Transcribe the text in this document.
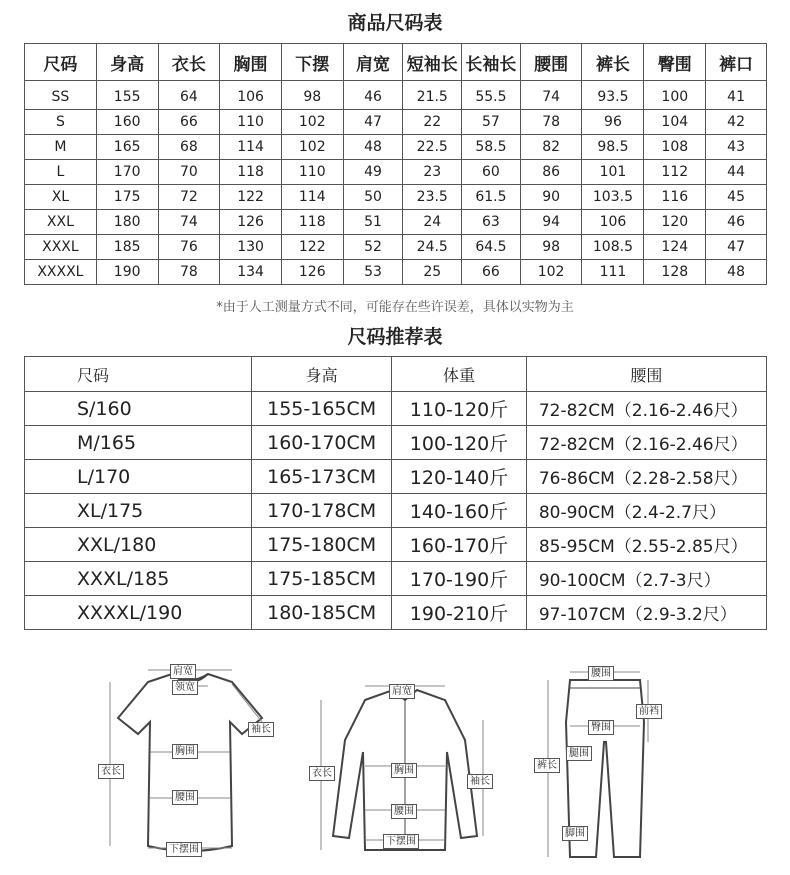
商品尺码表
尺码	身高	衣长	胸围	下摆	肩宽	短袖长	长袖长	腰围	裤长	臀围	裤口
SS	155	64	106	98	46	21.5	55.5	74	93.5	100	41
S	160	66	110	102	47	22	57	78	96	104	42
M	165	68	114	102	48	22.5	58.5	82	98.5	108	43
L	170	70	118	110	49	23	60	86	101	112	44
XL	175	72	122	114	50	23.5	61.5	90	103.5	116	45
XXL	180	74	126	118	51	24	63	94	106	120	46
XXXL	185	76	130	122	52	24.5	64.5	98	108.5	124	47
XXXXL	190	78	134	126	53	25	66	102	111	128	48
*由于人工测量方式不同，可能存在些许误差，具体以实物为主
尺码推荐表
尺码	身高	体重	腰围
S/160	155-165CM	110-120斤	72-82CM（2.16-2.46尺）
M/165	160-170CM	100-120斤	72-82CM（2.16-2.46尺）
L/170	165-173CM	120-140斤	76-86CM（2.28-2.58尺）
XL/175	170-178CM	140-160斤	80-90CM（2.4-2.7尺）
XXL/180	175-180CM	160-170斤	85-95CM（2.55-2.85尺）
XXXL/185	175-185CM	170-190斤	90-100CM（2.7-3尺）
XXXXL/190	180-185CM	190-210斤	97-107CM（2.9-3.2尺）
肩宽
领宽
袖长
胸围
衣长
腰围
下摆围
肩宽
胸围
衣长
袖长
腰围
下摆围
腰围
前裆
臀围
裤长
腿围
脚围
